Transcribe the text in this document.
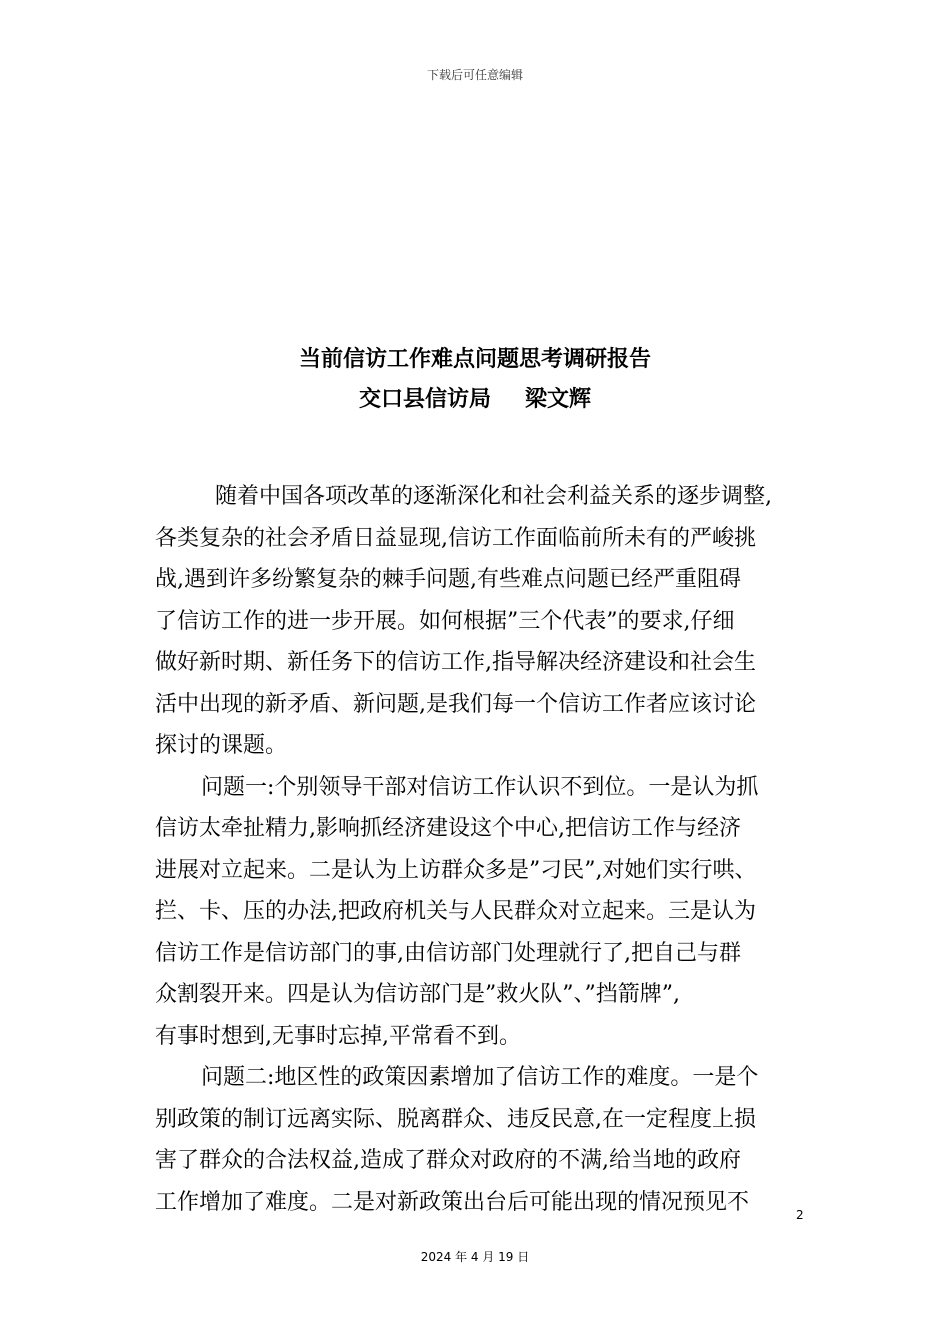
下载后可任意编辑
当前信访工作难点问题思考调研报告
交口县信访局 梁文辉
随着中国各项改革的逐渐深化和社会利益关系的逐步调整,
各类复杂的社会矛盾日益显现,信访工作面临前所未有的严峻挑
战,遇到许多纷繁复杂的棘手问题,有些难点问题已经严重阻碍
了信访工作的进一步开展。如何根据”三个代表”的要求,仔细
做好新时期、新任务下的信访工作,指导解决经济建设和社会生
活中出现的新矛盾、新问题,是我们每一个信访工作者应该讨论
探讨的课题。
问题一:个别领导干部对信访工作认识不到位。一是认为抓
信访太牵扯精力,影响抓经济建设这个中心,把信访工作与经济
进展对立起来。二是认为上访群众多是”刁民”,对她们实行哄、
拦、卡、压的办法,把政府机关与人民群众对立起来。三是认为
信访工作是信访部门的事,由信访部门处理就行了,把自己与群
众割裂开来。四是认为信访部门是”救火队”、”挡箭牌”,
有事时想到,无事时忘掉,平常看不到。
问题二:地区性的政策因素增加了信访工作的难度。一是个
别政策的制订远离实际、脱离群众、违反民意,在一定程度上损
害了群众的合法权益,造成了群众对政府的不满,给当地的政府
工作增加了难度。二是对新政策出台后可能出现的情况预见不
2
2024 年 4 月 19 日
